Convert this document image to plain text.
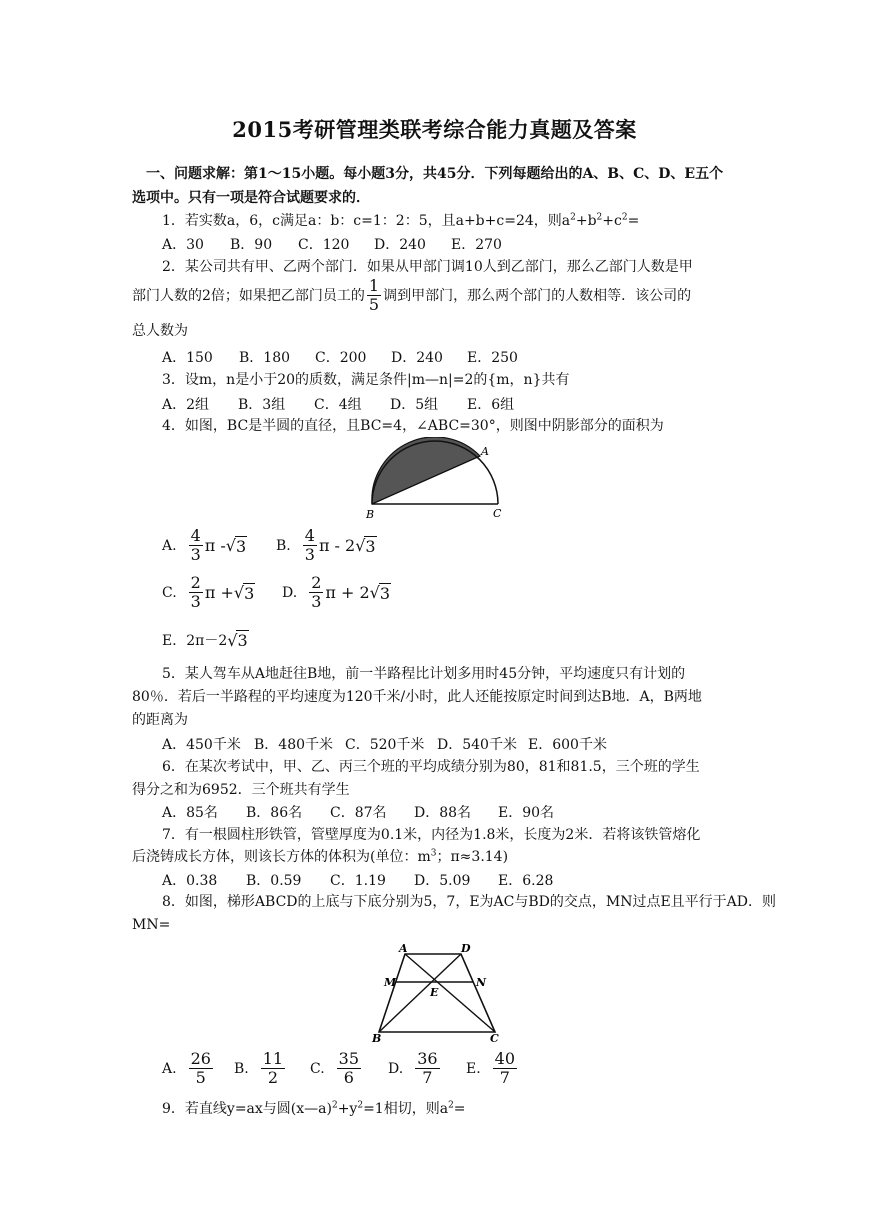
2015考研管理类联考综合能力真题及答案
一、问题求解：第1～15小题。每小题3分，共45分．下列每题给出的A、B、C、D、E五个
选项中。只有一项是符合试题要求的．
1．若实数a，6，c满足a：b：c=1：2：5，且a+b+c=24，则$a^2+b^2+c^2=$
A．30 B．90 C．120 D．240 E．270
2．某公司共有甲、乙两个部门．如果从甲部门调10人到乙部门，那么乙部门人数是甲
部门人数的2倍；如果把乙部门员工的 $\frac{1}{5}$ 调到甲部门，那么两个部门的人数相等．该公司的
总人数为
A．150 B．180 C．200 D．240 E．250
3．设m，n是小于20的质数，满足条件|m—n|=2的{m，n}共有
A．2组 B．3组 C．4组 D．5组 E．6组
4．如图，BC是半圆的直径，且BC=4，∠ABC=30°，则图中阴影部分的面积为
A
B	C
A. $\frac{4}{3}$ π - √ 3 B. $\frac{4}{3}$ π - 2 √ 3
C. $\frac{2}{3}$ π + √ 3 D. $\frac{2}{3}$ π + 2 √ 3
E．2π－2 √ 3
5．某人驾车从A地赶往B地，前一半路程比计划多用时45分钟，平均速度只有计划的
80％．若后一半路程的平均速度为120千米/小时，此人还能按原定时间到达B地．A，B两地
的距离为
A．450千米 B．480千米 C．520千米 D．540千米 E．600千米
6．在某次考试中，甲、乙、丙三个班的平均成绩分别为80，81和81.5，三个班的学生
得分之和为6952．三个班共有学生
A．85名 B．86名 C．87名 D．88名 E．90名
7．有一根圆柱形铁管，管壁厚度为0.1米，内径为1.8米，长度为2米．若将该铁管熔化
后浇铸成长方体，则该长方体的体积为(单位：$m^3$；π≈3.14)
A．0.38 B．0.59 C．1.19 D．5.09 E．6.28
8．如图，梯形ABCD的上底与下底分别为5，7，E为AC与BD的交点，MN过点E且平行于AD．则
MN=
A	D
M	N
E
B	C
A. $\frac{26}{5} B$. $\frac{11}{2} C$. $\frac{35}{6} D$. $\frac{36}{7} E$. $\frac{40}{7}$
9．若直线y=ax与圆$(x—a)^2+y^2=1$相切，则$a^2=$
